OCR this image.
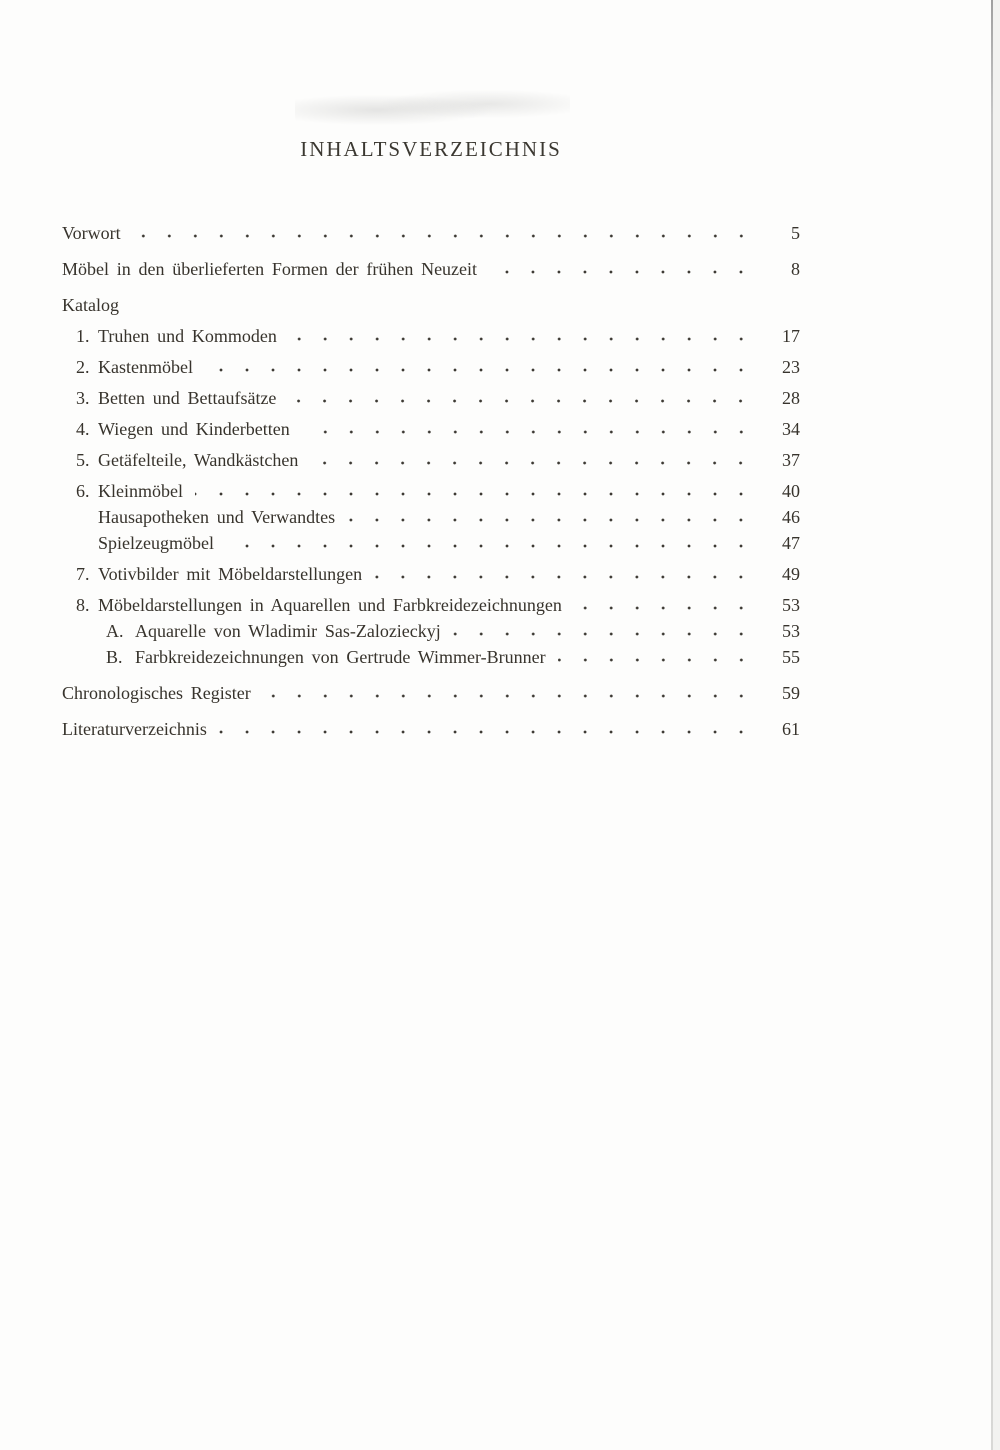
INHALTSVERZEICHNIS
Vorwort	5
Möbel in den überlieferten Formen der frühen Neuzeit	8
Katalog
1. Truhen und Kommoden	17
2. Kastenmöbel	23
3. Betten und Bettaufsätze	28
4. Wiegen und Kinderbetten	34
5. Getäfelteile, Wandkästchen	37
6. Kleinmöbel	40
Hausapotheken und Verwandtes	46
Spielzeugmöbel	47
7. Votivbilder mit Möbeldarstellungen	49
8. Möbeldarstellungen in Aquarellen und Farbkreidezeichnungen	53
A. Aquarelle von Wladimir Sas-Zalozieckyj	53
B. Farbkreidezeichnungen von Gertrude Wimmer-Brunner	55
Chronologisches Register	59
Literaturverzeichnis	61
